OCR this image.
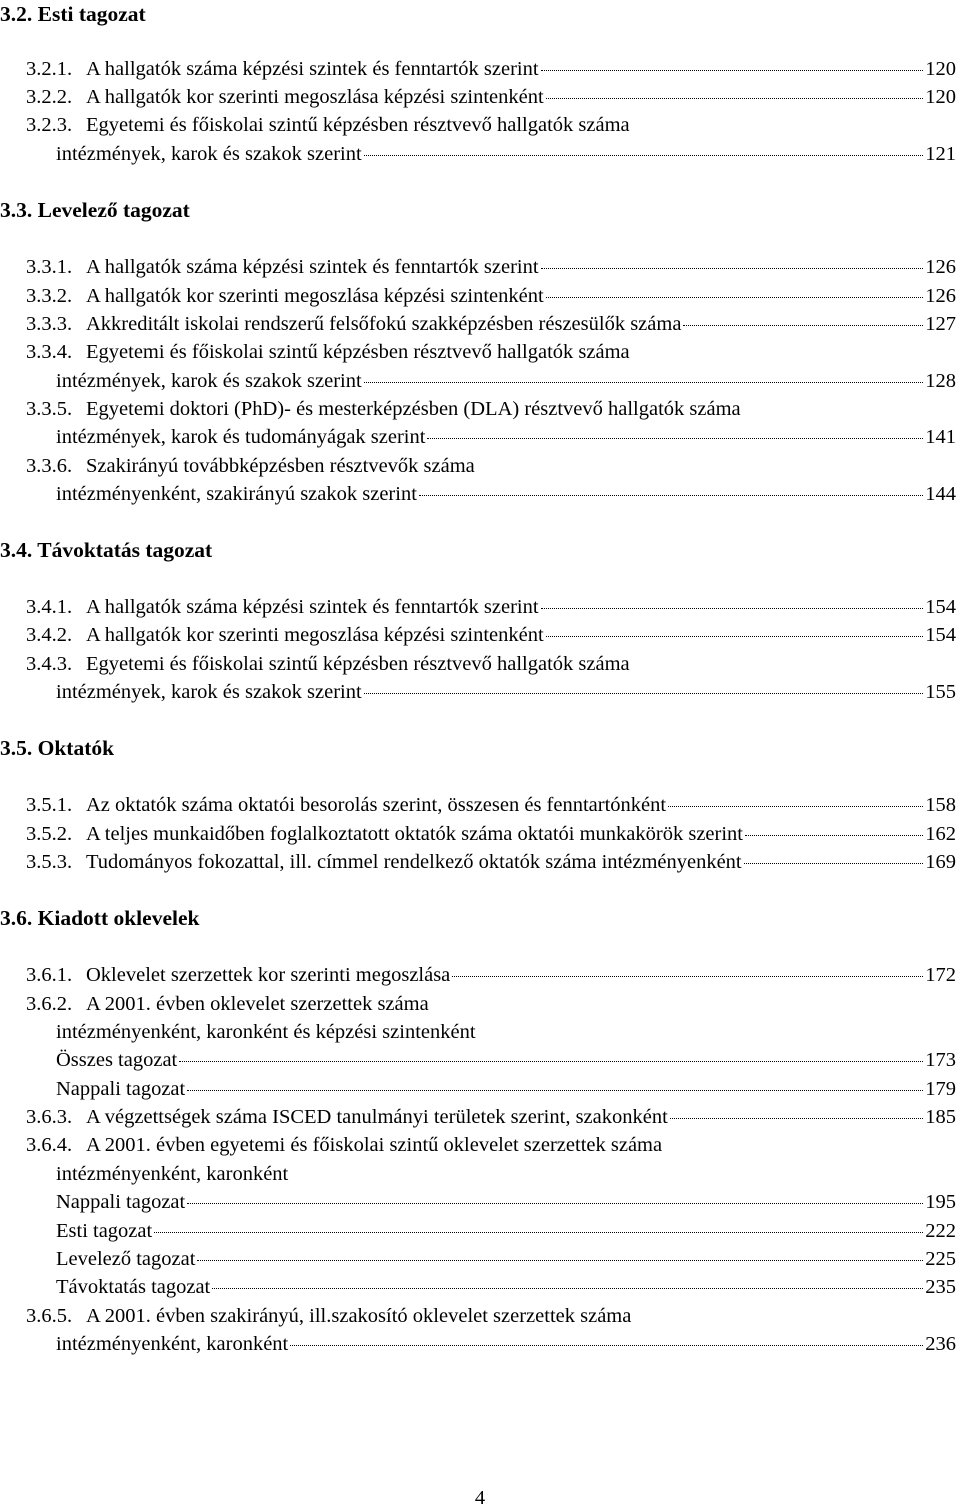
3.2. Esti tagozat
3.2.1. A hallgatók száma képzési szintek és fenntartók szerint	120
3.2.2. A hallgatók kor szerinti megoszlása képzési szintenként	120
3.2.3. Egyetemi és főiskolai szintű képzésben résztvevő hallgatók száma
intézmények, karok és szakok szerint	121
3.3. Levelező tagozat
3.3.1. A hallgatók száma képzési szintek és fenntartók szerint	126
3.3.2. A hallgatók kor szerinti megoszlása képzési szintenként	126
3.3.3. Akkreditált iskolai rendszerű felsőfokú szakképzésben részesülők száma	127
3.3.4. Egyetemi és főiskolai szintű képzésben résztvevő hallgatók száma
intézmények, karok és szakok szerint	128
3.3.5. Egyetemi doktori (PhD)- és mesterképzésben (DLA) résztvevő hallgatók száma
intézmények, karok és tudományágak szerint	141
3.3.6. Szakirányú továbbképzésben résztvevők száma
intézményenként, szakirányú szakok szerint	144
3.4. Távoktatás tagozat
3.4.1. A hallgatók száma képzési szintek és fenntartók szerint	154
3.4.2. A hallgatók kor szerinti megoszlása képzési szintenként	154
3.4.3. Egyetemi és főiskolai szintű képzésben résztvevő hallgatók száma
intézmények, karok és szakok szerint	155
3.5. Oktatók
3.5.1. Az oktatók száma oktatói besorolás szerint, összesen és fenntartónként	158
3.5.2. A teljes munkaidőben foglalkoztatott oktatók száma oktatói munkakörök szerint	162
3.5.3. Tudományos fokozattal, ill. címmel rendelkező oktatók száma intézményenként	169
3.6. Kiadott oklevelek
3.6.1. Oklevelet szerzettek kor szerinti megoszlása	172
3.6.2. A 2001. évben oklevelet szerzettek száma
intézményenként, karonként és képzési szintenként
Összes tagozat	173
Nappali tagozat	179
3.6.3. A végzettségek száma ISCED tanulmányi területek szerint, szakonként	185
3.6.4. A 2001. évben egyetemi és főiskolai szintű oklevelet szerzettek száma
intézményenként, karonként
Nappali tagozat	195
Esti tagozat	222
Levelező tagozat	225
Távoktatás tagozat	235
3.6.5. A 2001. évben szakirányú, ill.szakosító oklevelet szerzettek száma
intézményenként, karonként	236
4
